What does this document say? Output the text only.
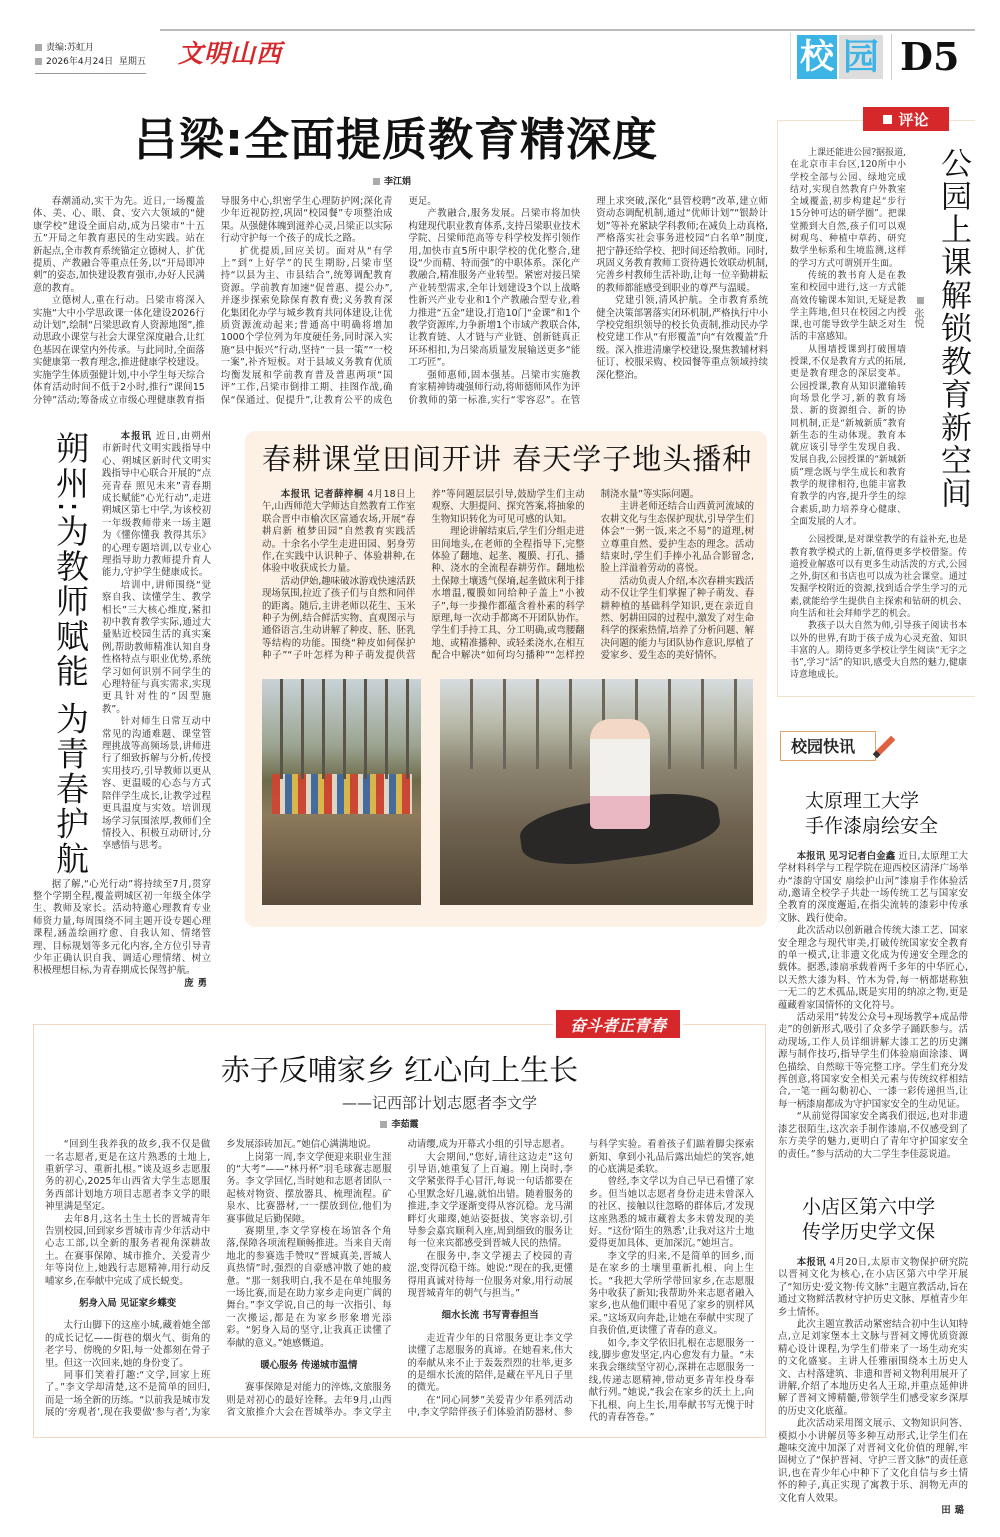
责编:苏虹月
2026年4月24日 星期五 文明山西	校 园 D5
吕梁:全面提质教育精深度
李江娟

春潮涌动,实干为先。近日,一场覆盖体、美、心、眼、食、安六大领域的“健康学校”建设全面启动,成为吕梁市“十五五”开局之年教育惠民的生动实践。站在新起点,全市教育系统锚定立德树人、扩优提质、产教融合等重点任务,以“开局即冲刺”的姿态,加快建设教育强市,办好人民满意的教育。

立德树人,重在行动。吕梁市将深入实施“大中小学思政课一体化建设2026行动计划”,绘制“吕梁思政育人资源地图”,推动思政小课堂与社会大课堂深度融合,让红色基因在课堂内外传承。与此同时,全面落实健康第一教育理念,推进健康学校建设。实施学生体质强健计划,中小学生每天综合体育活动时间不低于2小时,推行“课间15分钟”活动;筹备成立市级心理健康教育指导服务中心,织密学生心理防护网;深化青少年近视防控,巩固“校园餐”专项整治成果。从强健体魄到滋养心灵,吕梁正以实际行动守护每一个孩子的成长之路。

扩优提质,回应关切。面对从“有学上”到“上好学”的民生期盼,吕梁市坚持“以县为主、市县结合”,统筹调配教育资源。学前教育加速“促普惠、提公办”,并逐步探索免除保育教育费;义务教育深化集团化办学与城乡教育共同体建设,让优质资源流动起来;普通高中明确将增加1000个学位列为年度硬任务,同时深入实施“县中振兴”行动,坚持“一县一策”“一校一案”,补齐短板。对于县域义务教育优质均衡发展和学前教育普及普惠两项“国评”工作,吕梁市倒排工期、挂图作战,确保“保通过、促提升”,让教育公平的成色更足。

产教融合,服务发展。吕梁市将加快构建现代职业教育体系,支持吕梁职业技术学院、吕梁师范高等专科学校发挥引领作用,加快市直5所中职学校的优化整合,建设“少而精、特而强”的中职体系。深化产教融合,精准服务产业转型。紧密对接吕梁产业转型需求,全年计划建设3个以上战略性新兴产业专业和1个产教融合型专业,着力推进“五金”建设,打造10门“金课”和1个教学资源库,力争新增1个市域产教联合体,让教育链、人才链与产业链、创新链真正环环相扣,为吕梁高质量发展输送更多“能工巧匠”。

强师惠师,固本强基。吕梁市实施教育家精神铸魂强师行动,将师德师风作为评价教师的第一标准,实行“零容忍”。在管理上求突破,深化“县管校聘”改革,建立师资动态调配机制,通过“优师计划”“银龄计划”等补充紧缺学科教师;在减负上动真格,严格落实社会事务进校园“白名单”制度,把宁静还给学校、把时间还给教师。同时,巩固义务教育教师工资待遇长效联动机制,完善乡村教师生活补助,让每一位辛勤耕耘的教师都能感受到职业的尊严与温暖。

党建引领,清风护航。全市教育系统健全决策部署落实闭环机制,严格执行中小学校党组织领导的校长负责制,推动民办学校党建工作从“有形覆盖”向“有效覆盖”升级。深入推进清廉学校建设,聚焦教辅材料征订、校服采购、校园餐等重点领域持续深化整治。

朔州:为教师赋能 为青春护航	本报讯 近日,由朔州市新时代文明实践指导中心、朔城区新时代文明实践指导中心联合开展的“点亮青春 照见未来”青春期成长赋能“心光行动”,走进朔城区第七中学,为该校初一年级教师带来一场主题为《懂你懂我 教得其乐》的心理专题培训,以专业心理指导助力教师提升育人能力,守护学生健康成长。

培训中,讲师围绕“觉察自我、读懂学生、教学相长”三大核心维度,紧扣初中教育教学实际,通过大量贴近校园生活的真实案例,帮助教师精准认知自身性格特点与职业优势,系统学习如何识别不同学生的心理特征与真实需求,实现更具针对性的“因型施教”。

针对师生日常互动中常见的沟通难题、课堂管理挑战等高频场景,讲师进行了细致拆解与分析,传授实用技巧,引导教师以更从容、更温暖的心态与方式陪伴学生成长,让教学过程更具温度与实效。培训现场学习氛围浓厚,教师们全情投入、积极互动研讨,分享感悟与思考。

据了解,“心光行动”将持续至7月,贯穿整个学期全程,覆盖朔城区初一年级全体学生、教师及家长。活动特邀心理教育专业师资力量,每周围绕不同主题开设专题心理课程,涵盖绘画疗愈、自我认知、情绪管理、目标规划等多元化内容,全方位引导青少年正确认识自我、调适心理情绪、树立积极理想目标,为青春期成长保驾护航。

庞勇
春耕课堂田间开讲 春天学子地头播种

本报讯 记者薛梓桐 4月18日上午,山西师范大学师达自然教育工作室联合晋中市榆次区富通农场,开展“春耕启新 植梦田园”自然教育实践活动。十余名小学生走进田园、躬身劳作,在实践中认识种子、体验耕种,在体验中收获成长力量。

活动伊始,趣味破冰游戏快速活跃现场氛围,拉近了孩子们与自然和同伴的距离。随后,主讲老师以花生、玉米种子为例,结合鲜活实物、直观图示与通俗语言,生动讲解了种皮、胚、胚乳等结构的功能。围绕“种皮如何保护种子”“子叶怎样为种子萌发提供营养”等问题层层引导,鼓励学生们主动观察、大胆提问、探究答案,将抽象的生物知识转化为可见可感的认知。

理论讲解结束后,学生们分组走进田间地头,在老师的全程指导下,完整体验了翻地、起垄、覆膜、打孔、播种、浇水的全流程春耕劳作。翻地松土保障土壤透气保墒,起垄做床利于排水增温,覆膜如同给种子盖上“小被子”,每一步操作都蕴含着朴素的科学原理,每一次动手都离不开团队协作。学生们手持工具、分工明确,或弯腰翻地、或精准播种、或轻柔浇水,在相互配合中解决“如何均匀播种”“怎样控制浇水量”等实际问题。

主讲老师还结合山西黄河流域的农耕文化与生态保护现状,引导学生们体会“一粥一饭,来之不易”的道理,树立尊重自然、爱护生态的理念。活动结束时,学生们手捧小礼品合影留念,脸上洋溢着劳动的喜悦。

活动负责人介绍,本次春耕实践活动不仅让学生们掌握了种子萌发、春耕种植的基础科学知识,更在亲近自然、躬耕田园的过程中,激发了对生命科学的探索热情,培养了分析问题、解决问题的能力与团队协作意识,厚植了爱家乡、爱生态的美好情怀。

奋斗者正青春
赤子反哺家乡 红心向上生长
——记西部计划志愿者李文学
李茹霞

“回到生我养我的故乡,我不仅是做一名志愿者,更是在这片熟悉的土地上,重新学习、重新扎根。”谈及返乡志愿服务的初心,2025年山西省大学生志愿服务西部计划地方项目志愿者李文学的眼神里满是坚定。

去年8月,这名土生土长的晋城青年告别校园,回到家乡晋城市青少年活动中心志工部,以全新的服务者视角深耕故土。在赛事保障、城市推介、关爱青少年等岗位上,她践行志愿精神,用行动反哺家乡,在奉献中完成了成长蜕变。

躬身入局 见证家乡蝶变

太行山脚下的这座小城,藏着她全部的成长记忆——街巷的烟火气、街角的老字号、傍晚的夕阳,每一处都刻在骨子里。但这一次回来,她的身份变了。

同事们笑着打趣:“文学,回家上班了。”李文学却清楚,这不是简单的回归,而是一场全新的历练。“以前我是城市发展的‘旁观者’,现在我要做‘参与者’,为家乡发展添砖加瓦。”她信心满满地说。

上岗第一周,李文学便迎来职业生涯的“大考”——“林丹杯”羽毛球赛志愿服务。李文学回忆,当时她和志愿者团队一起核对物资、摆放器具、梳理流程。矿泉水、比赛器材,一一摆放到位,他们为赛事做足后勤保障。

赛期里,李文学穿梭在场馆各个角落,保障各项流程顺畅推进。当来自天南地北的参赛选手赞叹“晋城真美,晋城人真热情”时,强烈的自豪感冲散了她的疲惫。“那一刻我明白,我不是在单纯服务一场比赛,而是在助力家乡走向更广阔的舞台。”李文学说,自己的每一次指引、每一次搬运,都是在为家乡形象增光添彩。“躬身入局的坚守,让我真正读懂了奉献的意义。”她感慨道。

暖心服务 传递城市温情

赛事保障是对能力的淬炼,文旅服务则是对初心的最好诠释。去年9月,山西省文旅推介大会在晋城举办。李文学主动请缨,成为开幕式小组的引导志愿者。

大会期间,“您好,请往这边走”这句引导语,她重复了上百遍。刚上岗时,李文学紧张得手心冒汗,每说一句话都要在心里默念好几遍,就怕出错。随着服务的推进,李文学逐渐变得从容沉稳。龙马湖畔灯火璀璨,她站姿挺拔、笑容亲切,引导参会嘉宾顺利入座,周到细致的服务让每一位来宾都感受到晋城人民的热情。

在服务中,李文学褪去了校园的青涩,变得沉稳干练。她说:“现在的我,更懂得用真诚对待每一位服务对象,用行动展现晋城青年的朝气与担当。”

细水长流 书写青春担当

走近青少年的日常服务更让李文学读懂了志愿服务的真谛。在她看来,伟大的奉献从来不止于轰轰烈烈的壮举,更多的是细水长流的陪伴,是藏在平凡日子里的微光。

在“同心同梦”关爱青少年系列活动中,李文学陪伴孩子们体验消防器材、参与科学实验。看着孩子们踮着脚尖探索新知、拿到小礼品后露出灿烂的笑容,她的心底满是柔软。

曾经,李文学以为自己早已看懂了家乡。但当她以志愿者身份走进未曾深入的社区、接触以往忽略的群体后,才发现这座熟悉的城市藏着太多未曾发现的美好。“这份‘陌生的熟悉’,让我对这片土地爱得更加具体、更加深沉。”她坦言。

李文学的归来,不是简单的回乡,而是在家乡的土壤里重新扎根、向上生长。“我把大学所学带回家乡,在志愿服务中收获了新知;我帮助外来志愿者融入家乡,也从他们眼中看见了家乡的别样风采。”这场双向奔赴,让她在奉献中实现了自我价值,更读懂了青春的意义。

如今,李文学依旧扎根在志愿服务一线,脚步愈发坚定,内心愈发有力量。“未来我会继续坚守初心,深耕在志愿服务一线,传递志愿精神,带动更多青年投身奉献行列。”她说,“我会在家乡的沃土上,向下扎根、向上生长,用奉献书写无愧于时代的青春答卷。”

评论

上课还能进公园?据报道,在北京市丰台区,120所中小学校全部与公园、绿地完成结对,实现自然教育户外教室全域覆盖,初步构建起“步行15分钟可达的研学圈”。把课堂搬到大自然,孩子们可以观树观鸟、种植中草药、研究数学坐标系和生境监测,这样的学习方式可谓别开生面。

传统的教书育人是在教室和校园中进行,这一方式能高效传输课本知识,无疑是教学主阵地,但只在校园之内授课,也可能导致学生缺乏对生活的丰富感知。

从围墙授课到打破围墙授课,不仅是教育方式的拓展,更是教育理念的深层变革。公园授课,教育从知识灌输转向场景化学习,新的教育场景、新的资源组合、新的协同机制,正是“新城新质”教育新生态的生动体现。教育本就应该引导学生发现自我、发展自我,公园授课的“新城新质”理念既与学生成长和教育教学的规律相符,也能丰富教育教学的内容,提升学生的综合素质,助力培养身心健康、全面发展的人才。

张悦 公园上课解锁教育新空间

公园授课,是对课堂教学的有益补充,也是教育教学模式的上新,值得更多学校借鉴。传道授业解惑可以有更多生动活泼的方式,公园之外,街区和书店也可以成为社会课堂。通过发掘学校附近的资源,找到适合学生学习的元素,就能给学生提供自主探索和钻研的机会、向生活和社会拜师学艺的机会。

教孩子以大自然为师,引导孩子阅读书本以外的世界,有助于孩子成为心灵充盈、知识丰富的人。期待更多学校让学生阅读“无字之书”,学习“活”的知识,感受大自然的魅力,健康诗意地成长。

校园快讯
太原理工大学
手作漆扇绘安全

本报讯 见习记者白金鑫 近日,太原理工大学材料科学与工程学院在迎西校区清泽广场举办“漆韵守国安 扇绘护山河”漆扇手作体验活动,邀请全校学子共赴一场传统工艺与国家安全教育的深度邂逅,在指尖流转的漆彩中传承文脉、践行使命。

此次活动以创新融合传统大漆工艺、国家安全理念与现代审美,打破传统国家安全教育的单一模式,让非遗文化成为传递安全理念的载体。据悉,漆扇承载着两千多年的中华匠心,以天然大漆为料、竹木为骨,每一柄都堪称独一无二的艺术孤品,既是实用的纳凉之物,更是蕴藏着家国情怀的文化符号。

活动采用“转发公众号+现场教学+成品带走”的创新形式,吸引了众多学子踊跃参与。活动现场,工作人员详细讲解大漆工艺的历史渊源与制作技巧,指导学生们体验扇面涂漆、调色描绘、自然晾干等完整工序。学生们充分发挥创意,将国家安全相关元素与传统纹样相结合,一笔一画勾勒初心、一漆一彩传递担当,让每一柄漆扇都成为守护国家安全的生动见证。

“从前觉得国家安全离我们很远,也对非遗漆艺很陌生,这次亲手制作漆扇,不仅感受到了东方美学的魅力,更明白了青年守护国家安全的责任。”参与活动的大二学生李佳蕊说道。

小店区第六中学
传学历史学文保

本报讯 4月20日,太原市文物保护研究院以晋祠文化为核心,在小店区第六中学开展了“知历史·爱文物·传文脉”主题宣教活动,旨在通过文物鲜活教材守护历史文脉、厚植青少年乡土情怀。

此次主题宣教活动紧密结合初中生认知特点,立足刘家堡本土文脉与晋祠文博优质资源精心设计课程,为学生们带来了一场生动充实的文化盛宴。主讲人任雅丽围绕本土历史人文、古村落建筑、非遗和晋祠文物利用展开了讲解,介绍了本地历史名人王琼,并重点延伸讲解了晋祠文博精髓,带领学生们感受家乡深厚的历史文化底蕴。

此次活动采用图文展示、文物知识问答、模拟小小讲解员等多种互动形式,让学生们在趣味交流中加深了对晋祠文化价值的理解,牢固树立了“保护晋祠、守护三晋文脉”的责任意识,也在青少年心中种下了文化自信与乡土情怀的种子,真正实现了寓教于乐、润物无声的文化育人效果。

田璐
